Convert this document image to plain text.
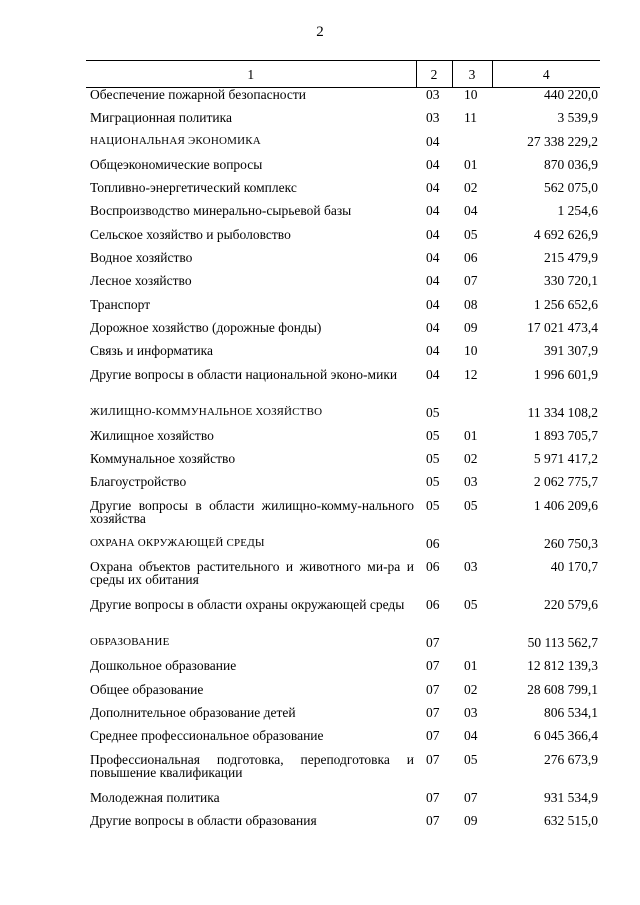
2
1	2	3	4
Обеспечение пожарной безопасности	03	10	440 220,0
Миграционная политика	03	11	3 539,9
НАЦИОНАЛЬНАЯ ЭКОНОМИКА	04		27 338 229,2
Общеэкономические вопросы	04	01	870 036,9
Топливно-энергетический комплекс	04	02	562 075,0
Воспроизводство минерально-сырьевой базы	04	04	1 254,6
Сельское хозяйство и рыболовство	04	05	4 692 626,9
Водное хозяйство	04	06	215 479,9
Лесное хозяйство	04	07	330 720,1
Транспорт	04	08	1 256 652,6
Дорожное хозяйство (дорожные фонды)	04	09	17 021 473,4
Связь и информатика	04	10	391 307,9
Другие вопросы в области национальной эконо-мики	04	12	1 996 601,9
ЖИЛИЩНО-КОММУНАЛЬНОЕ ХОЗЯЙСТВО	05		11 334 108,2
Жилищное хозяйство	05	01	1 893 705,7
Коммунальное хозяйство	05	02	5 971 417,2
Благоустройство	05	03	2 062 775,7
Другие вопросы в области жилищно-комму-нального хозяйства	05	05	1 406 209,6
ОХРАНА ОКРУЖАЮЩЕЙ СРЕДЫ	06		260 750,3
Охрана объектов растительного и животного ми-ра и среды их обитания	06	03	40 170,7
Другие вопросы в области охраны окружающей среды	06	05	220 579,6
ОБРАЗОВАНИЕ	07		50 113 562,7
Дошкольное образование	07	01	12 812 139,3
Общее образование	07	02	28 608 799,1
Дополнительное образование детей	07	03	806 534,1
Среднее профессиональное образование	07	04	6 045 366,4
Профессиональная подготовка, переподготовка и повышение квалификации	07	05	276 673,9
Молодежная политика	07	07	931 534,9
Другие вопросы в области образования	07	09	632 515,0
